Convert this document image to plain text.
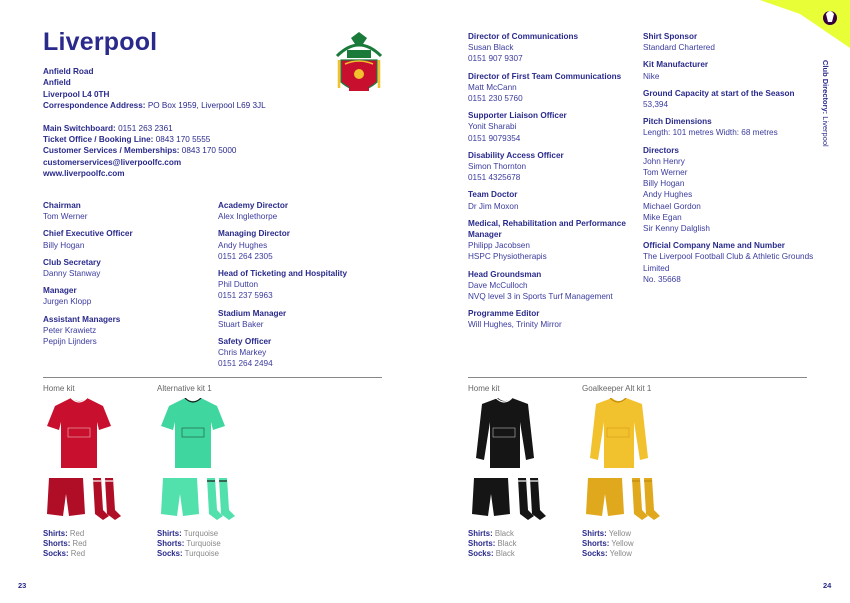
Liverpool
Anfield Road
Anfield
Liverpool L4 0TH
Correspondence Address: PO Box 1959, Liverpool L69 3JL
Main Switchboard: 0151 263 2361
Ticket Office / Booking Line: 0843 170 5555
Customer Services / Memberships: 0843 170 5000
customerservices@liverpoolfc.com
www.liverpoolfc.com
Chairman
Tom Werner
Chief Executive Officer
Billy Hogan
Club Secretary
Danny Stanway
Manager
Jurgen Klopp
Assistant Managers
Peter Krawietz
Pepijn Lijnders
Academy Director
Alex Inglethorpe
Managing Director
Andy Hughes
0151 264 2305
Head of Ticketing and Hospitality
Phil Dutton
0151 237 5963
Stadium Manager
Stuart Baker
Safety Officer
Chris Markey
0151 264 2494
Home kit
Shirts: Red
Shorts: Red
Socks: Red
Alternative kit 1
Shirts: Turquoise
Shorts: Turquoise
Socks: Turquoise
23
Director of Communications
Susan Black
0151 907 9307
Director of First Team Communications
Matt McCann
0151 230 5760
Supporter Liaison Officer
Yonit Sharabi
0151 9079354
Disability Access Officer
Simon Thornton
0151 4325678
Team Doctor
Dr Jim Moxon
Medical, Rehabilitation and Performance Manager
Philipp Jacobsen
HSPC Physiotherapis
Head Groundsman
Dave McCulloch
NVQ level 3 in Sports Turf Management
Programme Editor
Will Hughes, Trinity Mirror
Shirt Sponsor
Standard Chartered
Kit Manufacturer
Nike
Ground Capacity at start of the Season
53,394
Pitch Dimensions
Length: 101 metres Width: 68 metres
Directors
John Henry
Tom Werner
Billy Hogan
Andy Hughes
Michael Gordon
Mike Egan
Sir Kenny Dalglish
Official Company Name and Number
The Liverpool Football Club & Athletic Grounds Limited
No. 35668
Home kit
Shirts: Black
Shorts: Black
Socks: Black
Goalkeeper Alt kit 1
Shirts: Yellow
Shorts: Yellow
Socks: Yellow
24
Club Directory: Liverpool
